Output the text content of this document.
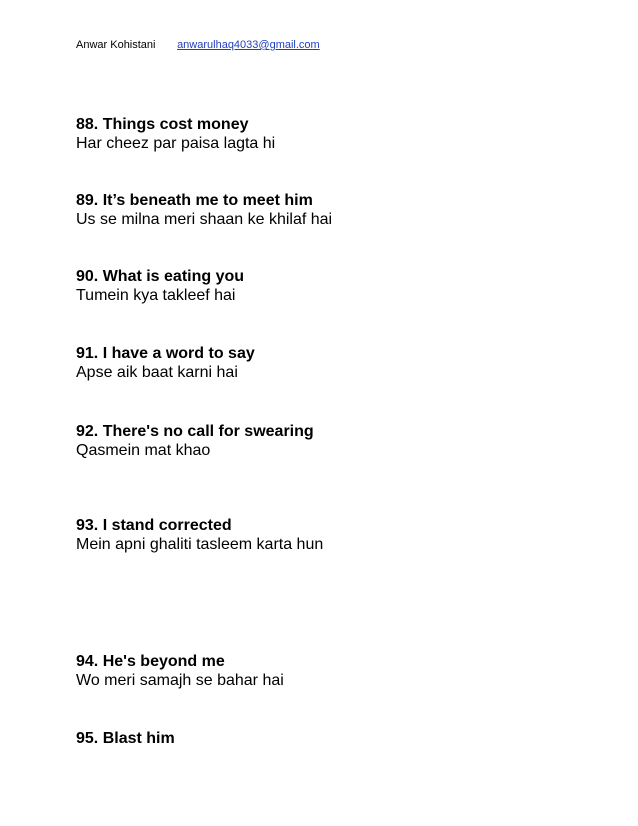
Anwar Kohistani anwarulhaq4033@gmail.com
88. Things cost money
Har cheez par paisa lagta hi
89. It’s beneath me to meet him
Us se milna meri shaan ke khilaf hai
90. What is eating you
Tumein kya takleef hai
91. I have a word to say
Apse aik baat karni hai
92. There's no call for swearing
Qasmein mat khao
93. I stand corrected
Mein apni ghaliti tasleem karta hun
94. He's beyond me
Wo meri samajh se bahar hai
95. Blast him
